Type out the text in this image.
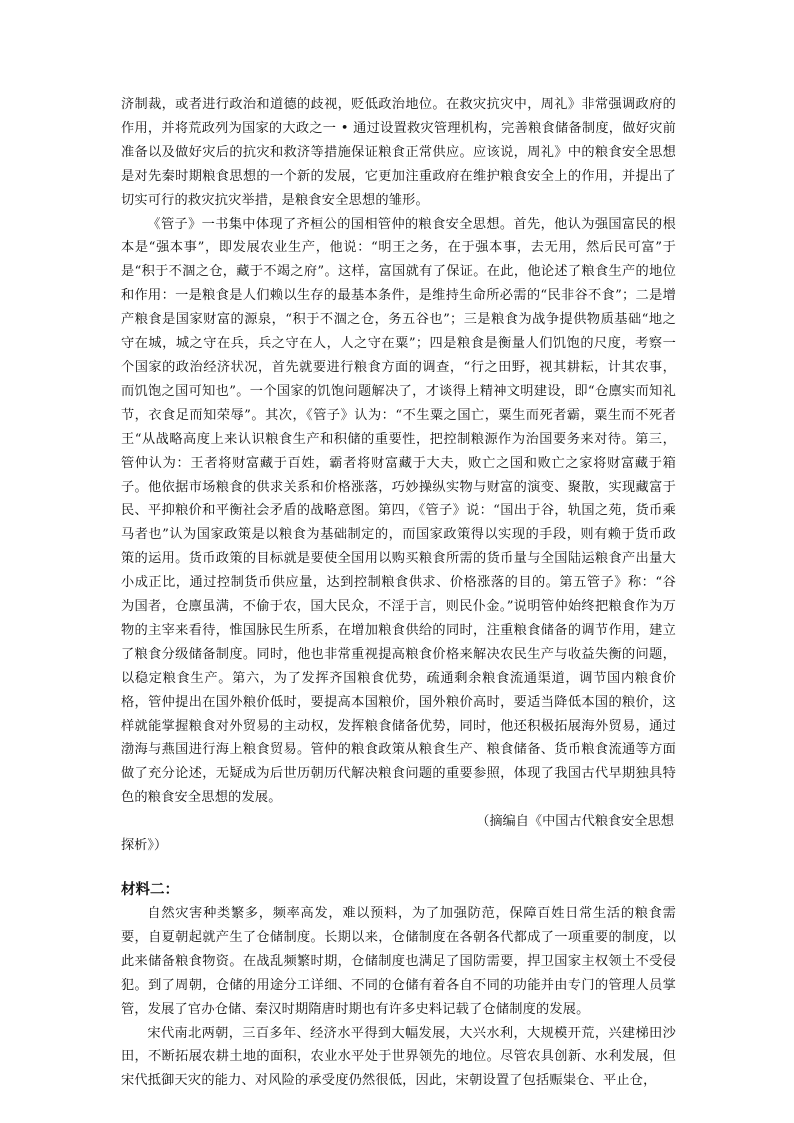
济制裁，或者进行政治和道德的歧视，贬低政治地位。在救灾抗灾中，周礼》非常强调政府的作用，并将荒政列为国家的大政之一 • 通过设置救灾管理机构，完善粮食储备制度，做好灾前准备以及做好灾后的抗灾和救济等措施保证粮食正常供应。应该说，周礼》中的粮食安全思想是对先秦时期粮食思想的一个新的发展，它更加注重政府在维护粮食安全上的作用，并提出了切实可行的救灾抗灾举措，是粮食安全思想的雏形。

《管子》一书集中体现了齐桓公的国相管仲的粮食安全思想。首先，他认为强国富民的根本是“强本事”，即发展农业生产，他说：“明王之务，在于强本事，去无用，然后民可富”于是“积于不涸之仓，藏于不竭之府”。这样，富国就有了保证。在此，他论述了粮食生产的地位和作用：一是粮食是人们赖以生存的最基本条件，是维持生命所必需的“民非谷不食”；二是增产粮食是国家财富的源泉，“积于不涸之仓，务五谷也”；三是粮食为战争提供物质基础“地之守在城，城之守在兵，兵之守在人，人之守在粟”；四是粮食是衡量人们饥饱的尺度，考察一个国家的政治经济状况，首先就要进行粮食方面的调查，“行之田野，视其耕耘，计其农事，而饥饱之国可知也”。一个国家的饥饱问题解决了，才谈得上精神文明建设，即“仓廪实而知礼节，衣食足而知荣辱”。其次，《管子》认为：“不生粟之国亡，粟生而死者霸，粟生而不死者王“从战略高度上来认识粮食生产和积储的重要性，把控制粮源作为治国要务来对待。第三，管仲认为：王者将财富藏于百姓，霸者将财富藏于大夫，败亡之国和败亡之家将财富藏于箱子。他依据市场粮食的供求关系和价格涨落，巧妙操纵实物与财富的演变、聚散，实现藏富于民、平抑粮价和平衡社会矛盾的战略意图。第四，《管子》说：“国出于谷，轨国之苑，货币乘马者也”认为国家政策是以粮食为基础制定的，而国家政策得以实现的手段，则有赖于货币政策的运用。货币政策的目标就是要使全国用以购买粮食所需的货币量与全国陆运粮食产出量大小成正比，通过控制货币供应量，达到控制粮食供求、价格涨落的目的。第五管子》称：“谷为国者，仓廪虽满，不偷于农，国大民众，不淫于言，则民仆金。”说明管仲始终把粮食作为万物的主宰来看待，惟国脉民生所系，在增加粮食供给的同时，注重粮食储备的调节作用，建立了粮食分级储备制度。同时，他也非常重视提高粮食价格来解决农民生产与收益失衡的问题，以稳定粮食生产。第六，为了发挥齐国粮食优势，疏通剩余粮食流通渠道，调节国内粮食价格，管仲提出在国外粮价低时，要提高本国粮价，国外粮价高时，要适当降低本国的粮价，这样就能掌握粮食对外贸易的主动权，发挥粮食储备优势，同时，他还积极拓展海外贸易，通过渤海与燕国进行海上粮食贸易。管仲的粮食政策从粮食生产、粮食储备、货币粮食流通等方面做了充分论述，无疑成为后世历朝历代解决粮食问题的重要参照，体现了我国古代早期独具特色的粮食安全思想的发展。

（摘编自《中国古代粮食安全思想

探析》）

材料二：

自然灾害种类繁多，频率高发，难以预料，为了加强防范，保障百姓日常生活的粮食需要，自夏朝起就产生了仓储制度。长期以来，仓储制度在各朝各代都成了一项重要的制度，以此来储备粮食物资。在战乱频繁时期，仓储制度也满足了国防需要，捍卫国家主权领土不受侵犯。到了周朝，仓储的用途分工详细、不同的仓储有着各自不同的功能并由专门的管理人员掌管，发展了官办仓储、秦汉时期隋唐时期也有许多史料记载了仓储制度的发展。

宋代南北两朝，三百多年、经济水平得到大幅发展，大兴水利，大规模开荒，兴建梯田沙田，不断拓展农耕土地的面积，农业水平处于世界领先的地位。尽管农具创新、水利发展，但宋代抵御天灾的能力、对风险的承受度仍然很低，因此，宋朝设置了包括赈粜仓、平止仓，
